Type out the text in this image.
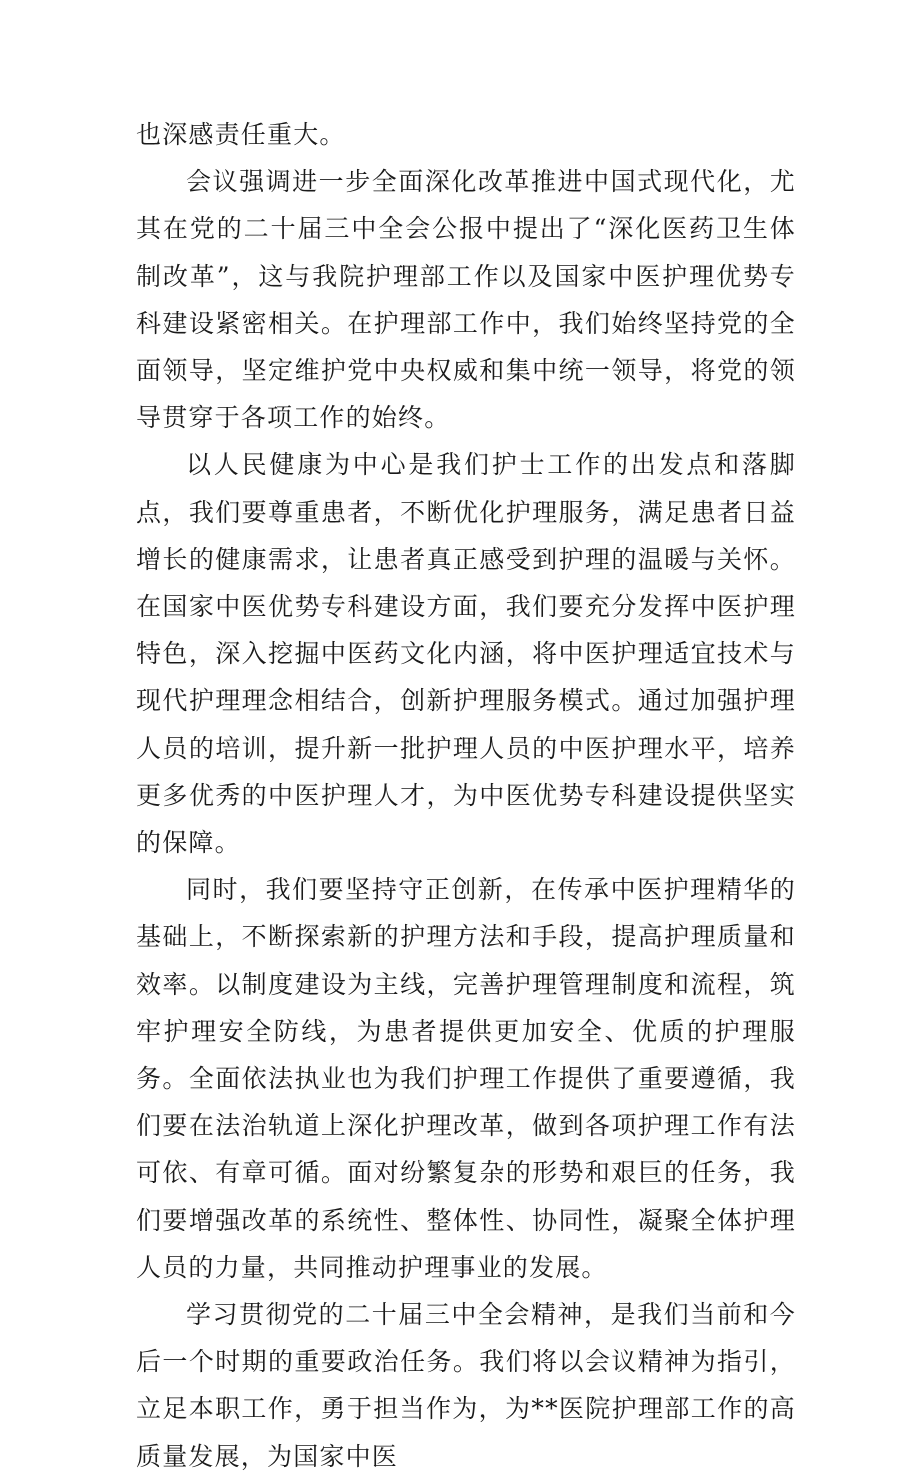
也深感责任重大。

会议强调进一步全面深化改革推进中国式现代化，尤其在党的二十届三中全会公报中提出了“深化医药卫生体制改革”，这与我院护理部工作以及国家中医护理优势专科建设紧密相关。在护理部工作中，我们始终坚持党的全面领导，坚定维护党中央权威和集中统一领导，将党的领导贯穿于各项工作的始终。

以人民健康为中心是我们护士工作的出发点和落脚点，我们要尊重患者，不断优化护理服务，满足患者日益增长的健康需求，让患者真正感受到护理的温暖与关怀。在国家中医优势专科建设方面，我们要充分发挥中医护理特色，深入挖掘中医药文化内涵，将中医护理适宜技术与现代护理理念相结合，创新护理服务模式。通过加强护理人员的培训，提升新一批护理人员的中医护理水平，培养更多优秀的中医护理人才，为中医优势专科建设提供坚实的保障。

同时，我们要坚持守正创新，在传承中医护理精华的基础上，不断探索新的护理方法和手段，提高护理质量和效率。以制度建设为主线，完善护理管理制度和流程，筑牢护理安全防线，为患者提供更加安全、优质的护理服务。全面依法执业也为我们护理工作提供了重要遵循，我们要在法治轨道上深化护理改革，做到各项护理工作有法可依、有章可循。面对纷繁复杂的形势和艰巨的任务，我们要增强改革的系统性、整体性、协同性，凝聚全体护理人员的力量，共同推动护理事业的发展。

学习贯彻党的二十届三中全会精神，是我们当前和今后一个时期的重要政治任务。我们将以会议精神为指引，立足本职工作，勇于担当作为，为**医院护理部工作的高质量发展，为国家中医
